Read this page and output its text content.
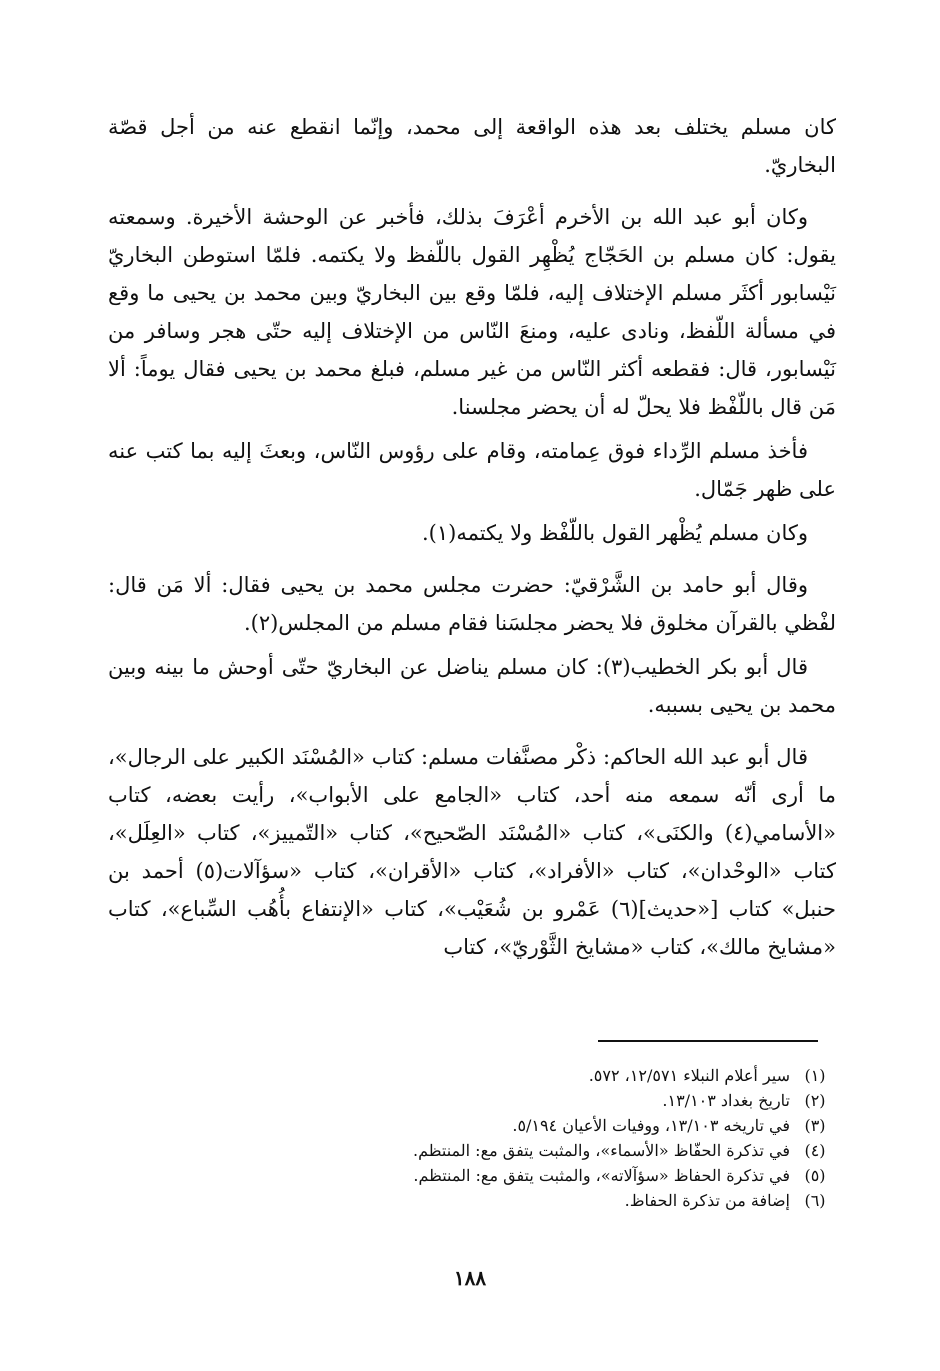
كان مسلم يختلف بعد هذه الواقعة إلى محمد، وإنّما انقطع عنه من أجل قصّة البخاريّ.

وكان أبو عبد الله بن الأخرم أعْرَفَ بذلك، فأخبر عن الوحشة الأخيرة. وسمعته يقول: كان مسلم بن الحَجّاج يُظْهِر القول باللّفظ ولا يكتمه. فلمّا استوطن البخاريّ نَيْسابور أكثَر مسلم الإختلاف إليه، فلمّا وقع بين البخاريّ وبين محمد بن يحيى ما وقع في مسألة اللّفظ، ونادى عليه، ومنعَ النّاس من الإختلاف إليه حتّى هجر وسافر من نَيْسابور، قال: فقطعه أكثر النّاس من غير مسلم، فبلغ محمد بن يحيى فقال يوماً: ألا مَن قال باللّفْظ فلا يحلّ له أن يحضر مجلسنا.

فأخذ مسلم الرِّداء فوق عِمامته، وقام على رؤوس النّاس، وبعثَ إليه بما كتب عنه على ظهر جَمّال.

وكان مسلم يُظْهر القول باللّفْظ ولا يكتمه(١).

وقال أبو حامد بن الشَّرْقيّ: حضرت مجلس محمد بن يحيى فقال: ألا مَن قال: لفْظي بالقرآن مخلوق فلا يحضر مجلسَنا فقام مسلم من المجلس(٢).

قال أبو بكر الخطيب(٣): كان مسلم يناضل عن البخاريّ حتّى أوحش ما بينه وبين محمد بن يحيى بسببه.

قال أبو عبد الله الحاكم: ذكْر مصنَّفات مسلم: كتاب «المُسْنَد الكبير على الرجال»، ما أرى أنّه سمعه منه أحد، كتاب «الجامع على الأبواب»، رأيت بعضه، كتاب «الأسامي(٤) والكنَى»، كتاب «المُسْنَد الصّحيح»، كتاب «التّمييز»، كتاب «العِلَل»، كتاب «الوحْدان»، كتاب «الأفراد»، كتاب «الأقران»، كتاب «سؤآلات(٥) أحمد بن حنبل» كتاب [«حديث](٦) عَمْرو بن شُعَيْب»، كتاب «الإنتفاع بأُهُب السِّباع»، كتاب «مشايخ مالك»، كتاب «مشايخ الثَّوْريّ»، كتاب

(١)
سير أعلام النبلاء ١٢/٥٧١، ٥٧٢.
(٢)
تاريخ بغداد ١٣/١٠٣.
(٣)
في تاريخه ١٣/١٠٣، ووفيات الأعيان ٥/١٩٤.
(٤)
في تذكرة الحفّاظ «الأسماء»، والمثبت يتفق مع: المنتظم.
(٥)
في تذكرة الحفاظ «سؤآلاته»، والمثبت يتفق مع: المنتظم.
(٦)
إضافة من تذكرة الحفاظ.
١٨٨
